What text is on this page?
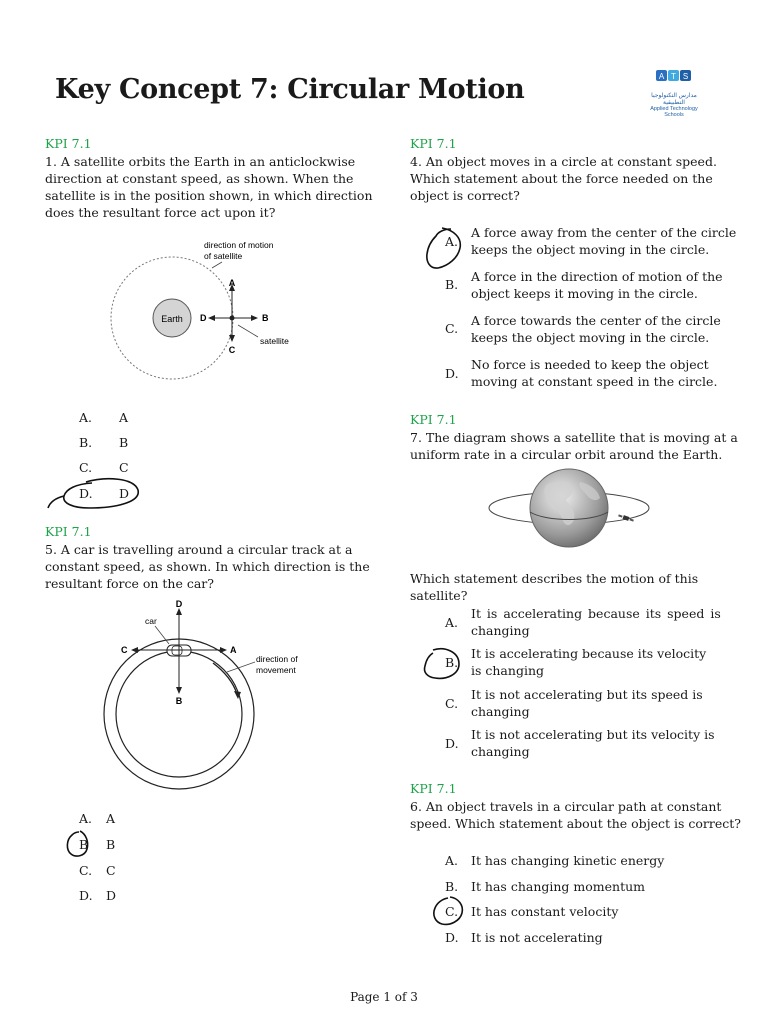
Key Concept 7: Circular Motion	A T S
مدارس التكنولوجيا التطبيقية
Applied Technology Schools
KPI 7.1
1. A satellite orbits the Earth in an anticlockwise
direction at constant speed, as shown. When the
satellite is in the position shown, in which direction
does the resultant force act upon it?
Earth
A
B
C
D
direction of motion
of satellite
satellite
A. A
B. B
C. C
D. D
KPI 7.1
5. A car is travelling around a circular track at a
constant speed, as shown. In which direction is the
resultant force on the car?
D
B
C	A
car
direction of
movement
A. A
B B
C. C
D. D
KPI 7.1
4. An object moves in a circle at constant speed.
Which statement about the force needed on the
object is correct?
A.
A force away from the center of the circle
keeps the object moving in the circle.
B.
A force in the direction of motion of the
object keeps it moving in the circle.
C.
A force towards the center of the circle
keeps the object moving in the circle.
D.
No force is needed to keep the object
moving at constant speed in the circle.
KPI 7.1
7. The diagram shows a satellite that is moving at a
uniform rate in a circular orbit around the Earth.
Which statement describes the motion of this
satellite?
A.
It is accelerating because its speed is
changing
B.
It is accelerating because its velocity
is changing
C.
It is not accelerating but its speed is
changing
D.
It is not accelerating but its velocity is
changing
KPI 7.1
6. An object travels in a circular path at constant
speed. Which statement about the object is correct?
A. It has changing kinetic energy
B. It has changing momentum
C. It has constant velocity
D. It is not accelerating
Page 1 of 3
